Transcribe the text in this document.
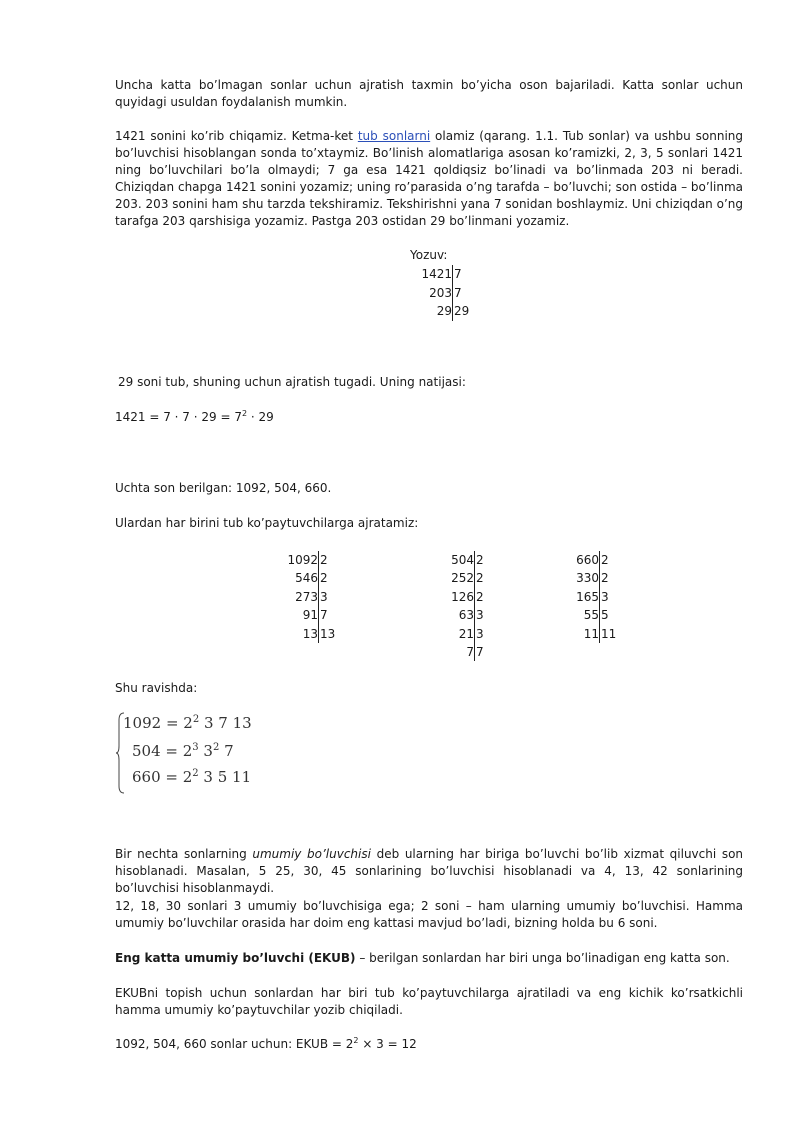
Uncha katta bo’lmagan sonlar uchun ajratish taxmin bo’yicha oson bajariladi. Katta sonlar uchun quyidagi usuldan foydalanish mumkin.

1421 sonini ko’rib chiqamiz. Ketma-ket tub sonlarni olamiz (qarang. 1.1. Tub sonlar) va ushbu sonning bo’luvchisi hisoblangan sonda to’xtaymiz. Bo’linish alomatlariga asosan ko’ramizki, 2, 3, 5 sonlari 1421 ning bo’luvchilari bo’la olmaydi; 7 ga esa 1421 qoldiqsiz bo’linadi va bo’linmada 203 ni beradi. Chiziqdan chapga 1421 sonini yozamiz; uning ro’parasida o’ng tarafda – bo’luvchi; son ostida – bo’linma 203. 203 sonini ham shu tarzda tekshiramiz. Tekshirishni yana 7 sonidan boshlaymiz. Uni chiziqdan o’ng tarafga 203 qarshisiga yozamiz. Pastga 203 ostidan 29 bo’linmani yozamiz.

Yozuv:
1421 7
203 7
29 29

29 soni tub, shuning uchun ajratish tugadi. Uning natijasi:

$1421 = 7 \cdot 7 \cdot 29 = 7^2 \cdot 29$

Uchta son berilgan: 1092, 504, 660.

Ulardan har birini tub ko’paytuvchilarga ajratamiz:

1092 2
546 2
273 3
91 7
13 13
504 2
252 2
126 2
63 3
21 3
7 7
660 2
330 2
165 3
55 5
11 11

Shu ravishda:

$1092 = 2^2$ 3 7 13
$504 = 2^3$ $3^2$ 7
$660 = 2^2$ 3 5 11

Bir nechta sonlarning umumiy bo’luvchisi deb ularning har biriga bo’luvchi bo’lib xizmat qiluvchi son hisoblanadi. Masalan, 5 25, 30, 45 sonlarining bo’luvchisi hisoblanadi va 4, 13, 42 sonlarining bo’luvchisi hisoblanmaydi.

12, 18, 30 sonlari 3 umumiy bo’luvchisiga ega; 2 soni – ham ularning umumiy bo’luvchisi. Hamma umumiy bo’luvchilar orasida har doim eng kattasi mavjud bo’ladi, bizning holda bu 6 soni.

Eng katta umumiy bo’luvchi (EKUB) – berilgan sonlardan har biri unga bo’linadigan eng katta son.

EKUBni topish uchun sonlardan har biri tub ko’paytuvchilarga ajratiladi va eng kichik ko’rsatkichli hamma umumiy ko’paytuvchilar yozib chiqiladi.

1092, 504, 660 sonlar uchun: EKUB = $2^2 \times 3 = 12$
